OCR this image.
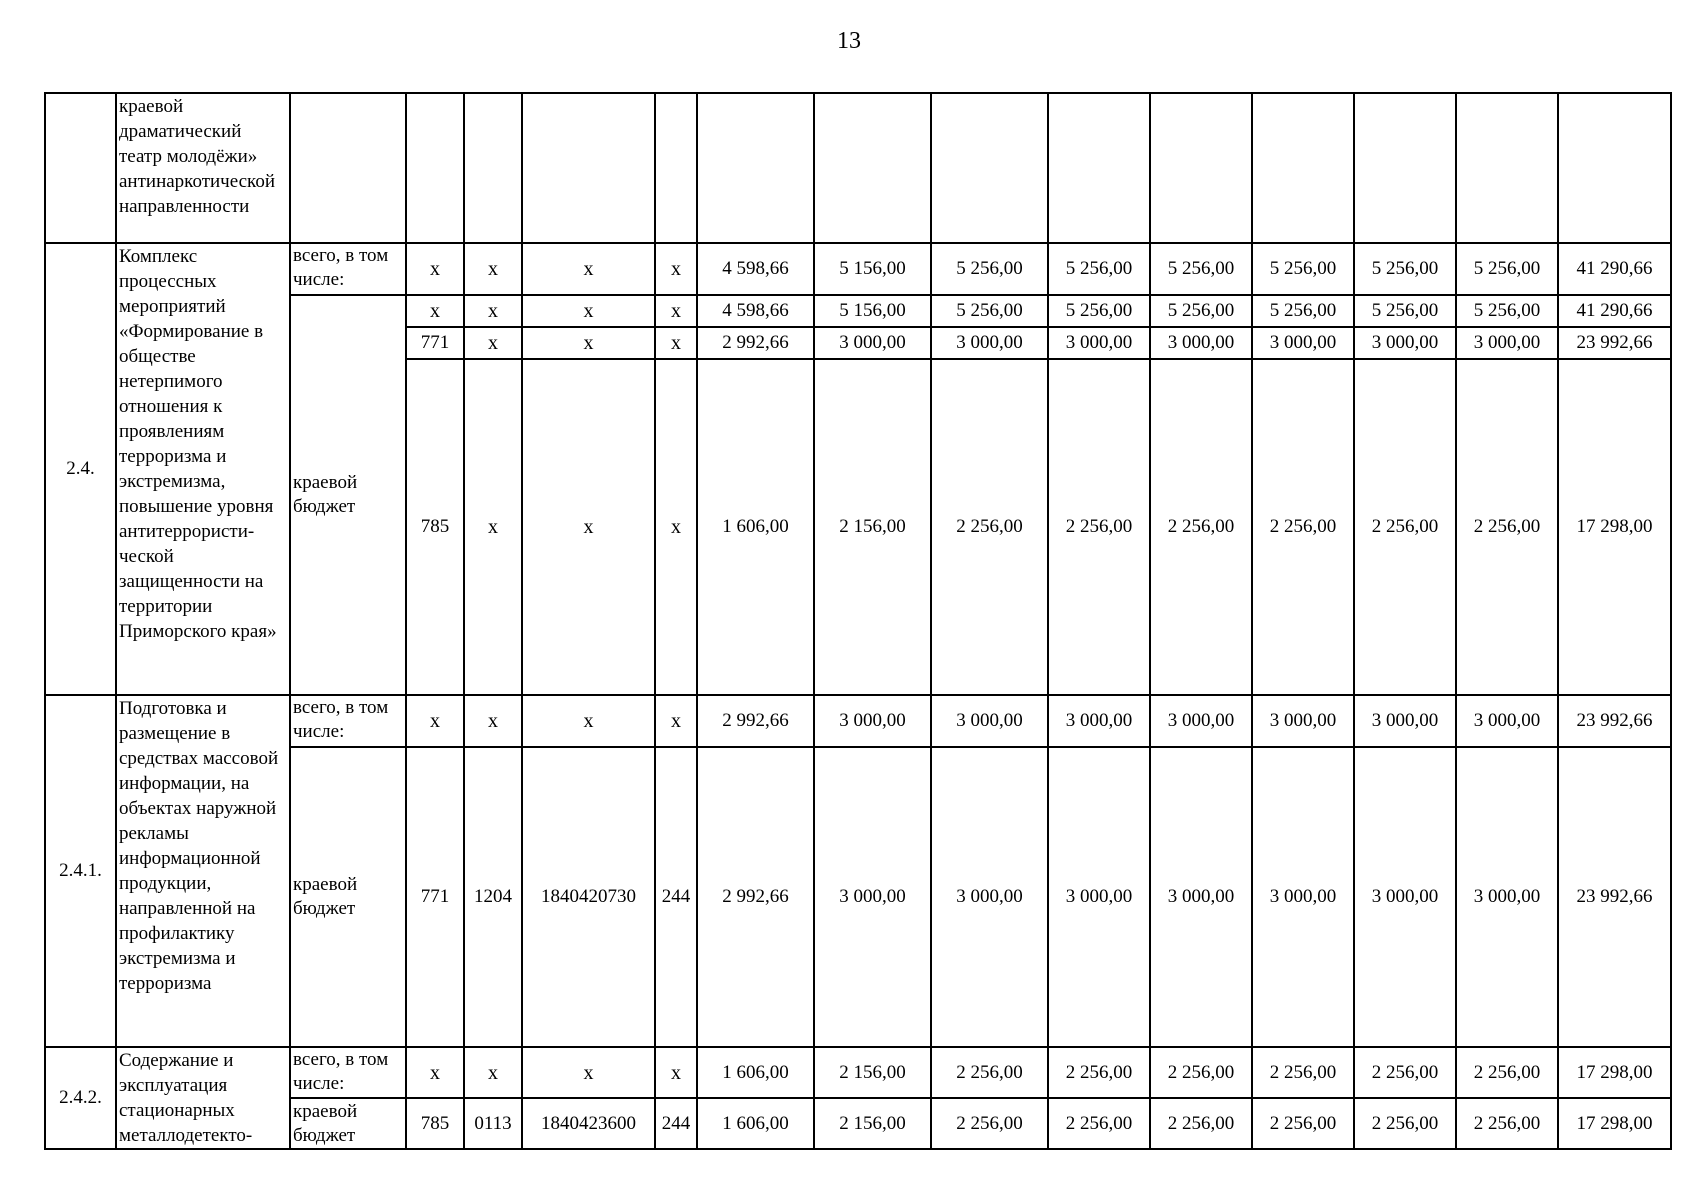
13
	краевой драматический театр молодёжи» антинаркотической направленности														
2.4.	Комплекс процессных мероприятий «Формирование в обществе нетерпимого отношения к проявлениям терроризма и экстремизма, повышение уровня антитеррористи-ческой защищенности на территории Приморского края»	всего, в том числе:	x	x	x	x	4 598,66	5 156,00	5 256,00	5 256,00	5 256,00	5 256,00	5 256,00	5 256,00	41 290,66
		краевой бюджет	x	x	x	x	4 598,66	5 156,00	5 256,00	5 256,00	5 256,00	5 256,00	5 256,00	5 256,00	41 290,66
			771	x	x	x	2 992,66	3 000,00	3 000,00	3 000,00	3 000,00	3 000,00	3 000,00	3 000,00	23 992,66
			785	x	x	x	1 606,00	2 156,00	2 256,00	2 256,00	2 256,00	2 256,00	2 256,00	2 256,00	17 298,00
2.4.1.	Подготовка и размещение в средствах массовой информации, на объектах наружной рекламы информационной продукции, направленной на профилактику экстремизма и терроризма	всего, в том числе:	x	x	x	x	2 992,66	3 000,00	3 000,00	3 000,00	3 000,00	3 000,00	3 000,00	3 000,00	23 992,66
		краевой бюджет	771	1204	1840420730	244	2 992,66	3 000,00	3 000,00	3 000,00	3 000,00	3 000,00	3 000,00	3 000,00	23 992,66
2.4.2.	Содержание и эксплуатация стационарных металлодетекто-	всего, в том числе:	x	x	x	x	1 606,00	2 156,00	2 256,00	2 256,00	2 256,00	2 256,00	2 256,00	2 256,00	17 298,00
		краевой бюджет	785	0113	1840423600	244	1 606,00	2 156,00	2 256,00	2 256,00	2 256,00	2 256,00	2 256,00	2 256,00	17 298,00
